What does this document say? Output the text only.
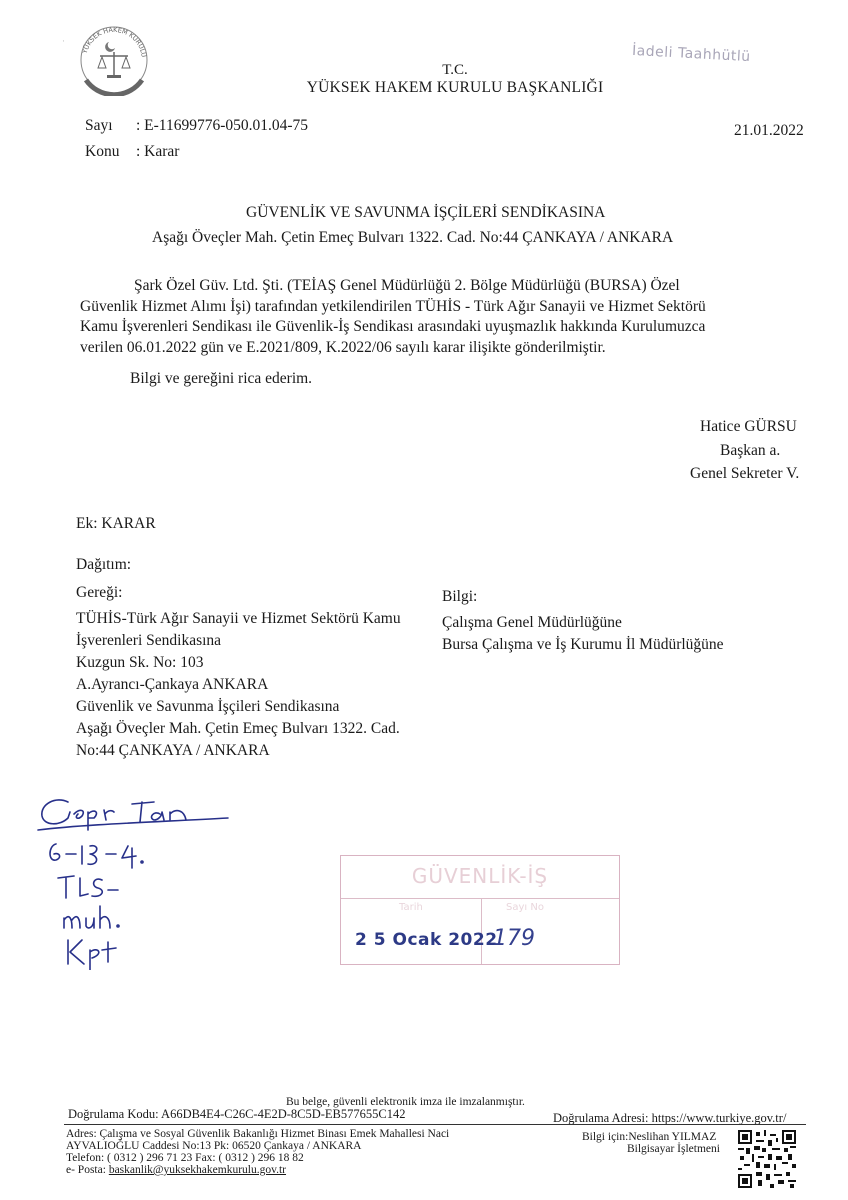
YÜKSEK HAKEM KURULU
T.C.
YÜKSEK HAKEM KURULU BAŞKANLIĞI
İadeli Taahhütlü
Sayı : E-11699776-050.01.04-75
Konu : Karar
21.01.2022
GÜVENLİK VE SAVUNMA İŞÇİLERİ SENDİKASINA
Aşağı Öveçler Mah. Çetin Emeç Bulvarı 1322. Cad. No:44 ÇANKAYA / ANKARA

Şark Özel Güv. Ltd. Şti. (TEİAŞ Genel Müdürlüğü 2. Bölge Müdürlüğü (BURSA) Özel

Güvenlik Hizmet Alımı İşi) tarafından yetkilendirilen TÜHİS - Türk Ağır Sanayii ve Hizmet Sektörü

Kamu İşverenleri Sendikası ile Güvenlik-İş Sendikası arasındaki uyuşmazlık hakkında Kurulumuzca

verilen 06.01.2022 gün ve E.2021/809, K.2022/06 sayılı karar ilişikte gönderilmiştir.

Bilgi ve gereğini rica ederim.
Hatice GÜRSU
Başkan a.
Genel Sekreter V.
Ek: KARAR
Dağıtım:
Gereği:
TÜHİS-Türk Ağır Sanayii ve Hizmet Sektörü Kamu
İşverenleri Sendikasına
Kuzgun Sk. No: 103
A.Ayrancı-Çankaya ANKARA
Güvenlik ve Savunma İşçileri Sendikasına
Aşağı Öveçler Mah. Çetin Emeç Bulvarı 1322. Cad.
No:44 ÇANKAYA / ANKARA
Bilgi:
Çalışma Genel Müdürlüğüne
Bursa Çalışma ve İş Kurumu İl Müdürlüğüne
Gepr Tan
GÜVENLİK-İŞ
Tarih	Sayı No
2 5 Ocak 2022
179
Bu belge, güvenli elektronik imza ile imzalanmıştır.
Doğrulama Kodu: A66DB4E4-C26C-4E2D-8C5D-EB577655C142	Doğrulama Adresi: https://www.turkiye.gov.tr/
Adres: Çalışma ve Sosyal Güvenlik Bakanlığı Hizmet Binası Emek Mahallesi Naci
AYVALIOĞLU Caddesi No:13 Pk: 06520 Çankaya / ANKARA
Telefon: ( 0312 ) 296 71 23 Fax: ( 0312 ) 296 18 82
e- Posta: baskanlik@yuksekhakemkurulu.gov.tr
Bilgi için:Neslihan YILMAZ
Bilgisayar İşletmeni
·
